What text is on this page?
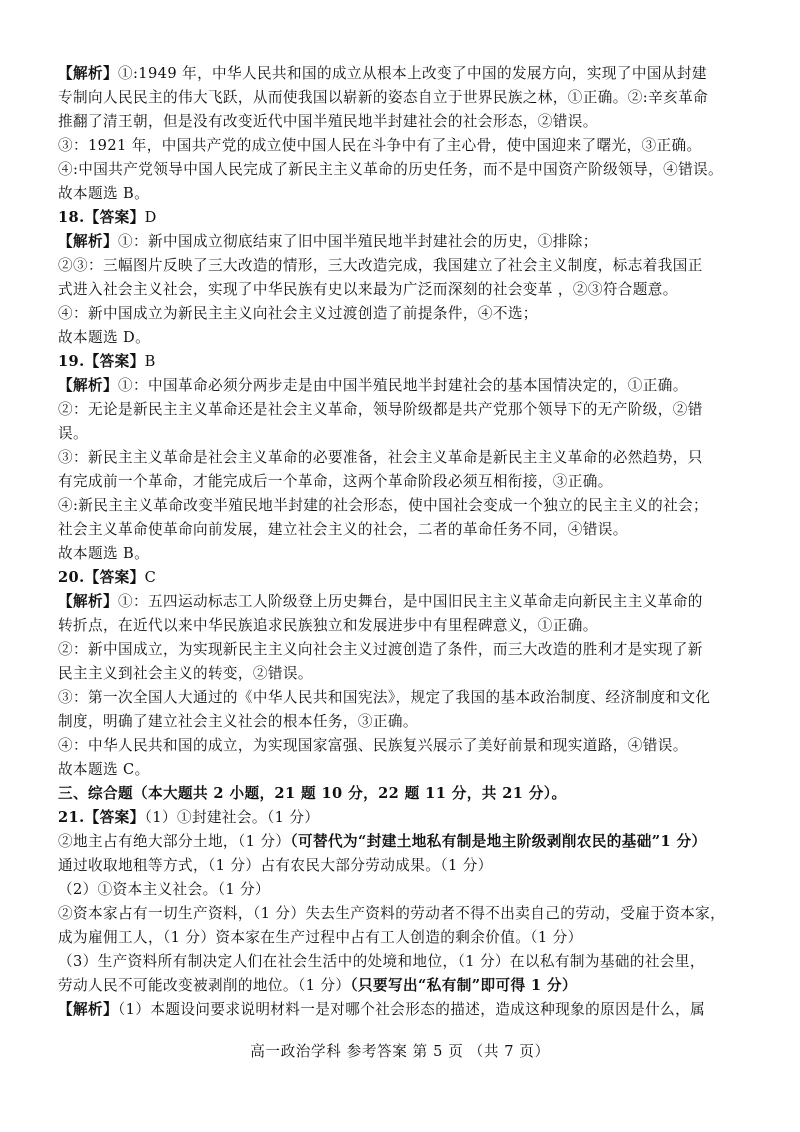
【解析】①:1949 年，中华人民共和国的成立从根本上改变了中国的发展方向，实现了中国从封建
专制向人民民主的伟大飞跃，从而使我国以崭新的姿态自立于世界民族之林，①正确。②:辛亥革命
推翻了清王朝，但是没有改变近代中国半殖民地半封建社会的社会形态，②错误。
③：1921 年，中国共产党的成立使中国人民在斗争中有了主心骨，使中国迎来了曙光，③正确。
④:中国共产党领导中国人民完成了新民主主义革命的历史任务，而不是中国资产阶级领导，④错误。
故本题选 B。
18.【答案】D
【解析】①：新中国成立彻底结束了旧中国半殖民地半封建社会的历史，①排除；
②③：三幅图片反映了三大改造的情形，三大改造完成，我国建立了社会主义制度，标志着我国正
式进入社会主义社会，实现了中华民族有史以来最为广泛而深刻的社会变革 ，②③符合题意。
④：新中国成立为新民主主义向社会主义过渡创造了前提条件，④不选；
故本题选 D。
19.【答案】B
【解析】①：中国革命必须分两步走是由中国半殖民地半封建社会的基本国情决定的，①正确。
②：无论是新民主主义革命还是社会主义革命，领导阶级都是共产党那个领导下的无产阶级，②错
误。
③：新民主主义革命是社会主义革命的必要准备，社会主义革命是新民主主义革命的必然趋势，只
有完成前一个革命，才能完成后一个革命，这两个革命阶段必须互相衔接，③正确。
④:新民主主义革命改变半殖民地半封建的社会形态，使中国社会变成一个独立的民主主义的社会；
社会主义革命使革命向前发展，建立社会主义的社会，二者的革命任务不同，④错误。
故本题选 B。
20.【答案】C
【解析】①：五四运动标志工人阶级登上历史舞台，是中国旧民主主义革命走向新民主主义革命的
转折点，在近代以来中华民族追求民族独立和发展进步中有里程碑意义，①正确。
②：新中国成立，为实现新民主主义向社会主义过渡创造了条件，而三大改造的胜利才是实现了新
民主主义到社会主义的转变，②错误。
③：第一次全国人大通过的《中华人民共和国宪法》，规定了我国的基本政治制度、经济制度和文化
制度，明确了建立社会主义社会的根本任务，③正确。
④：中华人民共和国的成立，为实现国家富强、民族复兴展示了美好前景和现实道路，④错误。
故本题选 C。
三、综合题（本大题共 2 小题，21 题 10 分，22 题 11 分，共 21 分）。
21.【答案】（1）①封建社会。（1 分）
②地主占有绝大部分土地，（1 分）（可替代为“封建土地私有制是地主阶级剥削农民的基础”1 分）
通过收取地租等方式，（1 分）占有农民大部分劳动成果。（1 分）
（2）①资本主义社会。（1 分）
②资本家占有一切生产资料，（1 分）失去生产资料的劳动者不得不出卖自己的劳动，受雇于资本家，
成为雇佣工人，（1 分）资本家在生产过程中占有工人创造的剩余价值。（1 分）
（3）生产资料所有制决定人们在社会生活中的处境和地位，（1 分）在以私有制为基础的社会里，
劳动人民不可能改变被剥削的地位。（1 分）（只要写出“私有制”即可得 1 分）
【解析】（1）本题设问要求说明材料一是对哪个社会形态的描述，造成这种现象的原因是什么，属
高一政治学科 参考答案 第 5 页 （共 7 页）
